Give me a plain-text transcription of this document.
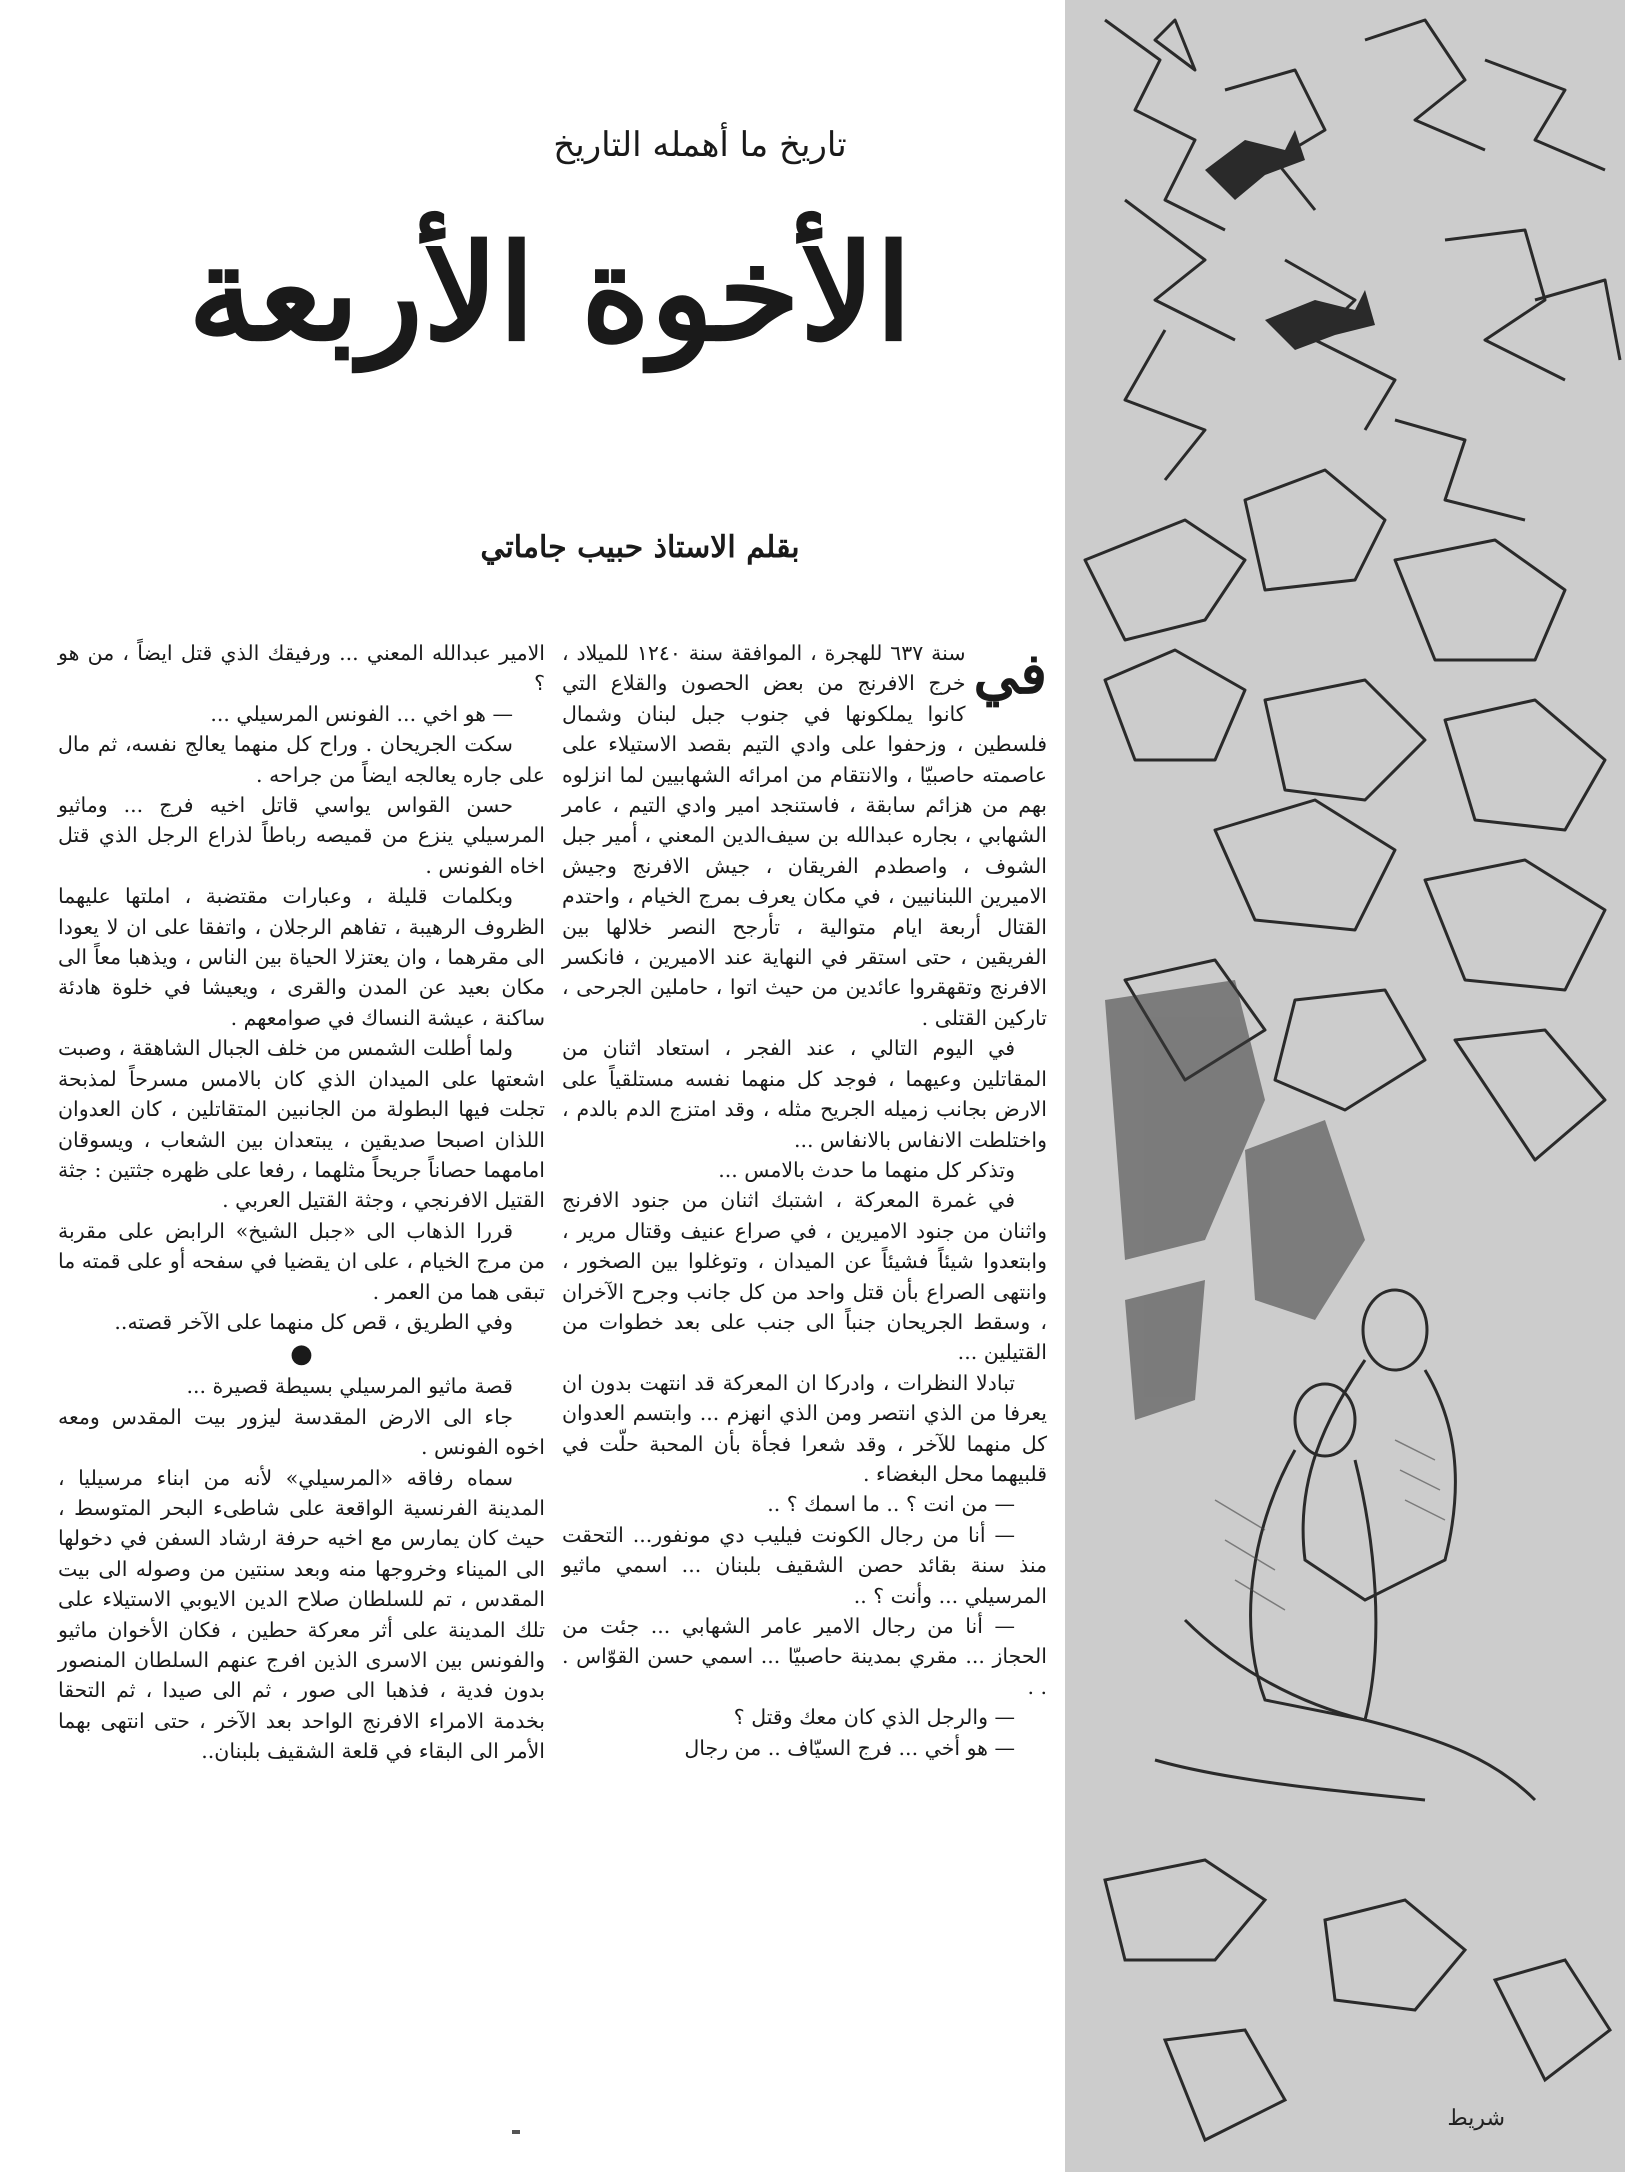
شريط
تاريخ ما أهمله التاريخ
الأخوة الأربعة
بقلم الاستاذ حبيب جاماتي
في

سنة ٦٣٧ للهجرة ، الموافقة سنة ١٢٤٠ للميلاد ، خرج الافرنج من بعض الحصون والقلاع التي كانوا يملكونها في جنوب جبل لبنان وشمال فلسطين ، وزحفوا على وادي التيم بقصد الاستيلاء على عاصمته حاصبيّا ، والانتقام من امرائه الشهابيين لما انزلوه بهم من هزائم سابقة ، فاستنجد امير وادي التيم ، عامر الشهابي ، بجاره عبدالله بن سيف‌الدين المعني ، أمير جبل الشوف ، واصطدم الفريقان ، جيش الافرنج وجيش الاميرين اللبنانيين ، في مكان يعرف بمرج الخيام ، واحتدم القتال أربعة ايام متوالية ، تأرجح النصر خلالها بين الفريقين ، حتى استقر في النهاية عند الاميرين ، فانكسر الافرنج وتقهقروا عائدين من حيث اتوا ، حاملين الجرحى ، تاركين القتلى .

في اليوم التالي ، عند الفجر ، استعاد اثنان من المقاتلين وعيهما ، فوجد كل منهما نفسه مستلقياً على الارض بجانب زميله الجريح مثله ، وقد امتزج الدم بالدم ، واختلطت الانفاس بالانفاس ...

وتذكر كل منهما ما حدث بالامس ...

في غمرة المعركة ، اشتبك اثنان من جنود الافرنج واثنان من جنود الاميرين ، في صراع عنيف وقتال مرير ، وابتعدوا شيئاً فشيئاً عن الميدان ، وتوغلوا بين الصخور ، وانتهى الصراع بأن قتل واحد من كل جانب وجرح الآخران ، وسقط الجريحان جنباً الى جنب على بعد خطوات من القتيلين ...

تبادلا النظرات ، وادركا ان المعركة قد انتهت بدون ان يعرفا من الذي انتصر ومن الذي انهزم ... وابتسم العدوان كل منهما للآخر ، وقد شعرا فجأة بأن المحبة حلّت في قلبيهما محل البغضاء .

— من انت ؟ .. ما اسمك ؟ ..

— أنا من رجال الكونت فيليب دي مونفور... التحقت منذ سنة بقائد حصن الشقيف بلبنان ... اسمي ماثيو المرسيلي ... وأنت ؟ ..

— أنا من رجال الامير عامر الشهابي ... جئت من الحجاز ... مقري بمدينة حاصبيّا ... اسمي حسن القوّاس . . .

— والرجل الذي كان معك وقتل ؟

— هو أخي ... فرج السيّاف .. من رجال

الامير عبدالله المعني ... ورفيقك الذي قتل ايضاً ، من هو ؟

— هو اخي ... الفونس المرسيلي ...

سكت الجريحان . وراح كل منهما يعالج نفسه، ثم مال على جاره يعالجه ايضاً من جراحه .

حسن القواس يواسي قاتل اخيه فرج ... وماثيو المرسيلي ينزع من قميصه رباطاً لذراع الرجل الذي قتل اخاه الفونس .

وبكلمات قليلة ، وعبارات مقتضبة ، املتها عليهما الظروف الرهيبة ، تفاهم الرجلان ، واتفقا على ان لا يعودا الى مقرهما ، وان يعتزلا الحياة بين الناس ، ويذهبا معاً الى مكان بعيد عن المدن والقرى ، ويعيشا في خلوة هادئة ساكنة ، عيشة النساك في صوامعهم .

ولما أطلت الشمس من خلف الجبال الشاهقة ، وصبت اشعتها على الميدان الذي كان بالامس مسرحاً لمذبحة تجلت فيها البطولة من الجانبين المتقاتلين ، كان العدوان اللذان اصبحا صديقين ، يبتعدان بين الشعاب ، ويسوقان امامهما حصاناً جريحاً مثلهما ، رفعا على ظهره جثتين : جثة القتيل الافرنجي ، وجثة القتيل العربي .

قررا الذهاب الى «جبل الشيخ» الرابض على مقربة من مرج الخيام ، على ان يقضيا في سفحه أو على قمته ما تبقى هما من العمر .

وفي الطريق ، قص كل منهما على الآخر قصته..

●

قصة ماثيو المرسيلي بسيطة قصيرة ...

جاء الى الارض المقدسة لیزور بيت المقدس ومعه اخوه الفونس .

سماه رفاقه «المرسيلي» لأنه من ابناء مرسيليا ، المدينة الفرنسية الواقعة على شاطىء البحر المتوسط ، حيث كان يمارس مع اخيه حرفة ارشاد السفن في دخولها الى الميناء وخروجها منه وبعد سنتين من وصوله الى بيت المقدس ، تم للسلطان صلاح الدين الايوبي الاستيلاء على تلك المدينة على أثر معركة حطين ، فكان الأخوان ماثيو والفونس بين الاسرى الذين افرج عنهم السلطان المنصور بدون فدية ، فذهبا الى صور ، ثم الى صيدا ، ثم التحقا بخدمة الامراء الافرنج الواحد بعد الآخر ، حتى انتهى بهما الأمر الى البقاء في قلعة الشقيف بلبنان..
